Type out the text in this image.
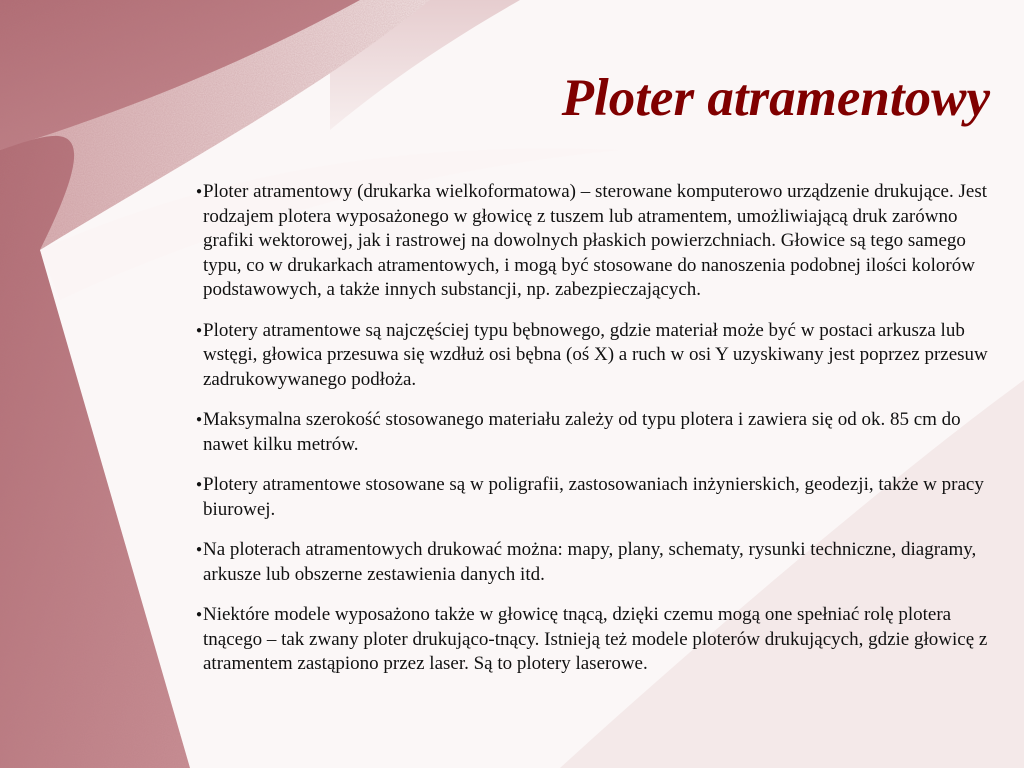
Ploter atramentowy

● Ploter atramentowy (drukarka wielkoformatowa) – sterowane komputerowo urządzenie drukujące. Jest rodzajem plotera wyposażonego w głowicę z tuszem lub atramentem, umożliwiającą druk zarówno grafiki wektorowej, jak i rastrowej na dowolnych płaskich powierzchniach. Głowice są tego samego typu, co w drukarkach atramentowych, i mogą być stosowane do nanoszenia podobnej ilości kolorów podstawowych, a także innych substancji, np. zabezpieczających.

● Plotery atramentowe są najczęściej typu bębnowego, gdzie materiał może być w postaci arkusza lub wstęgi, głowica przesuwa się wzdłuż osi bębna (oś X) a ruch w osi Y uzyskiwany jest poprzez przesuw zadrukowywanego podłoża.

● Maksymalna szerokość stosowanego materiału zależy od typu plotera i zawiera się od ok. 85 cm do nawet kilku metrów.

● Plotery atramentowe stosowane są w poligrafii, zastosowaniach inżynierskich, geodezji, także w pracy biurowej.

● Na ploterach atramentowych drukować można: mapy, plany, schematy, rysunki techniczne, diagramy, arkusze lub obszerne zestawienia danych itd.

● Niektóre modele wyposażono także w głowicę tnącą, dzięki czemu mogą one spełniać rolę plotera tnącego – tak zwany ploter drukująco-tnący. Istnieją też modele ploterów drukujących, gdzie głowicę z atramentem zastąpiono przez laser. Są to plotery laserowe.
